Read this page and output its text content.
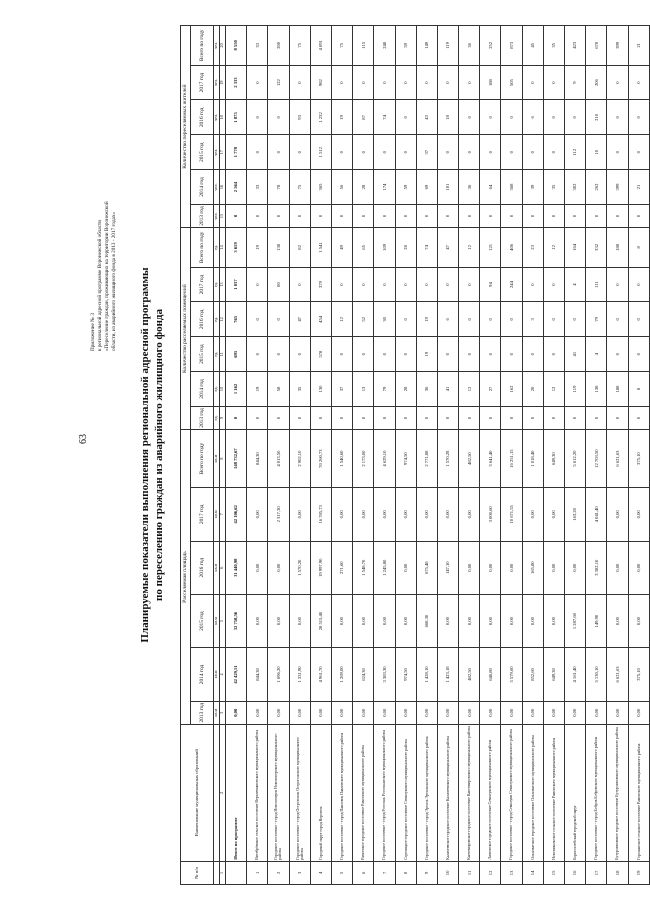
63
Приложение № 3 к региональной адресной программе Воронежской области «Переселение граждан, проживающих на территории Воронежской области, из аварийного жилищного фонда в 2013 - 2017 годах» Планируемые показатели выполнения региональной адресной программы по переселению граждан из аварийного жилищного фонда
№ п/п	Наименование муниципальных образований	Расселяемая площадь						Количество расселяемых помещений						Количество переселяемых жителей					
		2013 год	2014 год	2015 год	2016 год	2017 год	Всего по году	2013 год	2014 год	2015 год	2016 год	2017 год	Всего по году	2013 год	2014 год	2015 год	2016 год	2017 год	Всего по году
		кв.м	кв.м	кв.м	кв.м	кв.м	кв.м	ед.	ед.	ед.	ед.	ед.	ед.	чел.	чел.	чел.	чел.	чел.	чел.
1	2	3	4	5	6	7	8	9	10	11	12	13	14	15	16	17	18	19	20
	Итого по программе	0,00	42 429,51	32 758,56	31 440,98	42 106,62	148 732,67	0	1 162	695	765	1 037	3 659	0	2 564	1 778	1 875	2 333	8 550
1	Витебрёвское сельское поселение Верхнемамонского муниципального района	0,00	844,30	0,00	0,00	0,00	844,30	0	19	0	0	0	19	0	33	0	0	0	33
2	Городское поселение - город Новохоперск Новохоперского муниципального района	0,00	1 696,20	0,00	0,00	2 317,30	4 013,50	0	58	0	0	80	138	0	78	0	0	122	200
3	Городское поселение - город Острогожск Острогожского муниципального района	0,00	1 331,90	0,00	1 570,20	0,00	2 902,10	0	35	0	47	0	82	0	75	0	93	0	75
4	Городской округ город Воронеж	0,00	4 961,70	28 515,40	19 997,90	16 785,73	70 260,73	0	130	578	454	379	1 541	0	365	1 512	1 232	982	4 091
5	Городское поселение - город Павловск Павловского муниципального района	0,00	1 269,00	0,00	271,60	0,00	1 540,60	0	37	0	12	0	49	0	56	0	19	0	75
6	Рамонское городское поселение Рамонского муниципального района	0,00	624,30	0,00	1 548,70	0,00	2 173,00	0	13	0	52	0	65	0	28	0	87	0	115
7	Городское поселение - город Россошь Россошанского муниципального района	0,00	3 383,30	0,00	1 245,80	0,00	4 629,10	0	79	0	30	0	109	0	174	0	74	0	248
8	Стрелицкое городское поселение Семилукского муниципального района	0,00	974,50	0,00	0,00	0,00	974,50	0	28	0	0	0	28	0	59	0	0	0	59
9	Городское поселение - город Эртиль Эртильского муниципального района	0,00	1 428,10	668,30	675,48	0,00	2 771,88	0	36	19	19	0	74	0	69	37	43	0	149
10	Калачеевское городское поселение Калачеевского муниципального района	0,00	1 423,18	0,00	147,10	0,00	1 570,28	0	41	0	6	0	47	0	101	0	18	0	119
11	Кантемировское городское поселение Кантемировского муниципального района	0,00	482,50	0,00	0,00	0,00	482,50	0	12	0	0	0	12	0	36	0	0	0	36
12	Латненское городское поселение Семилукского муниципального района	0,00	640,80	0,00	0,00	3 000,60	3 641,40	0	27	0	0	94	121	0	64	0	0	188	252
13	Городское поселение - город Семилуки Семилукского муниципального района	0,00	5 579,60	0,00	0,00	10 671,55	16 251,15	0	162	0	0	244	406	0	368	0	0	505	873
14	Ольховатское городское поселение Ольховатского муниципального района	0,00	852,60	0,00	165,80	0,00	1 018,40	0	20	0	3	0	23	0	39	0	6	0	45
15	Новоникольское сельское поселение Рамонского муниципального района	0,00	649,30	0,00	0,00	0,00	649,30	0	12	0	0	0	12	0	35	0	0	0	35
16	Борисоглебский городской округ	0,00	4 161,40	1 287,60	0,00	163,20	5 612,20	0	119	41	0	4	164	0	302	112	0	9	423
17	Городское поселение - город Бобров Бобровского муниципального района	0,00	5 130,10	149,90	3 382,10	4 041,40	12 703,50	0	138	4	79	111	332	0	262	10	210	206	678
18	Бутурлиновское городское поселение Бутурлиновского муниципального района	0,00	6 621,63	0,00	0,00	0,00	6 621,63	0	188	0	0	0	188	0	399	0	0	0	399
19	Горожанское сельское поселение Рамонского муниципального района	0,00	375,10	0,00	0,00	0,00	375,10	0	8	0	0	0	8	0	21	0	0	0	21
